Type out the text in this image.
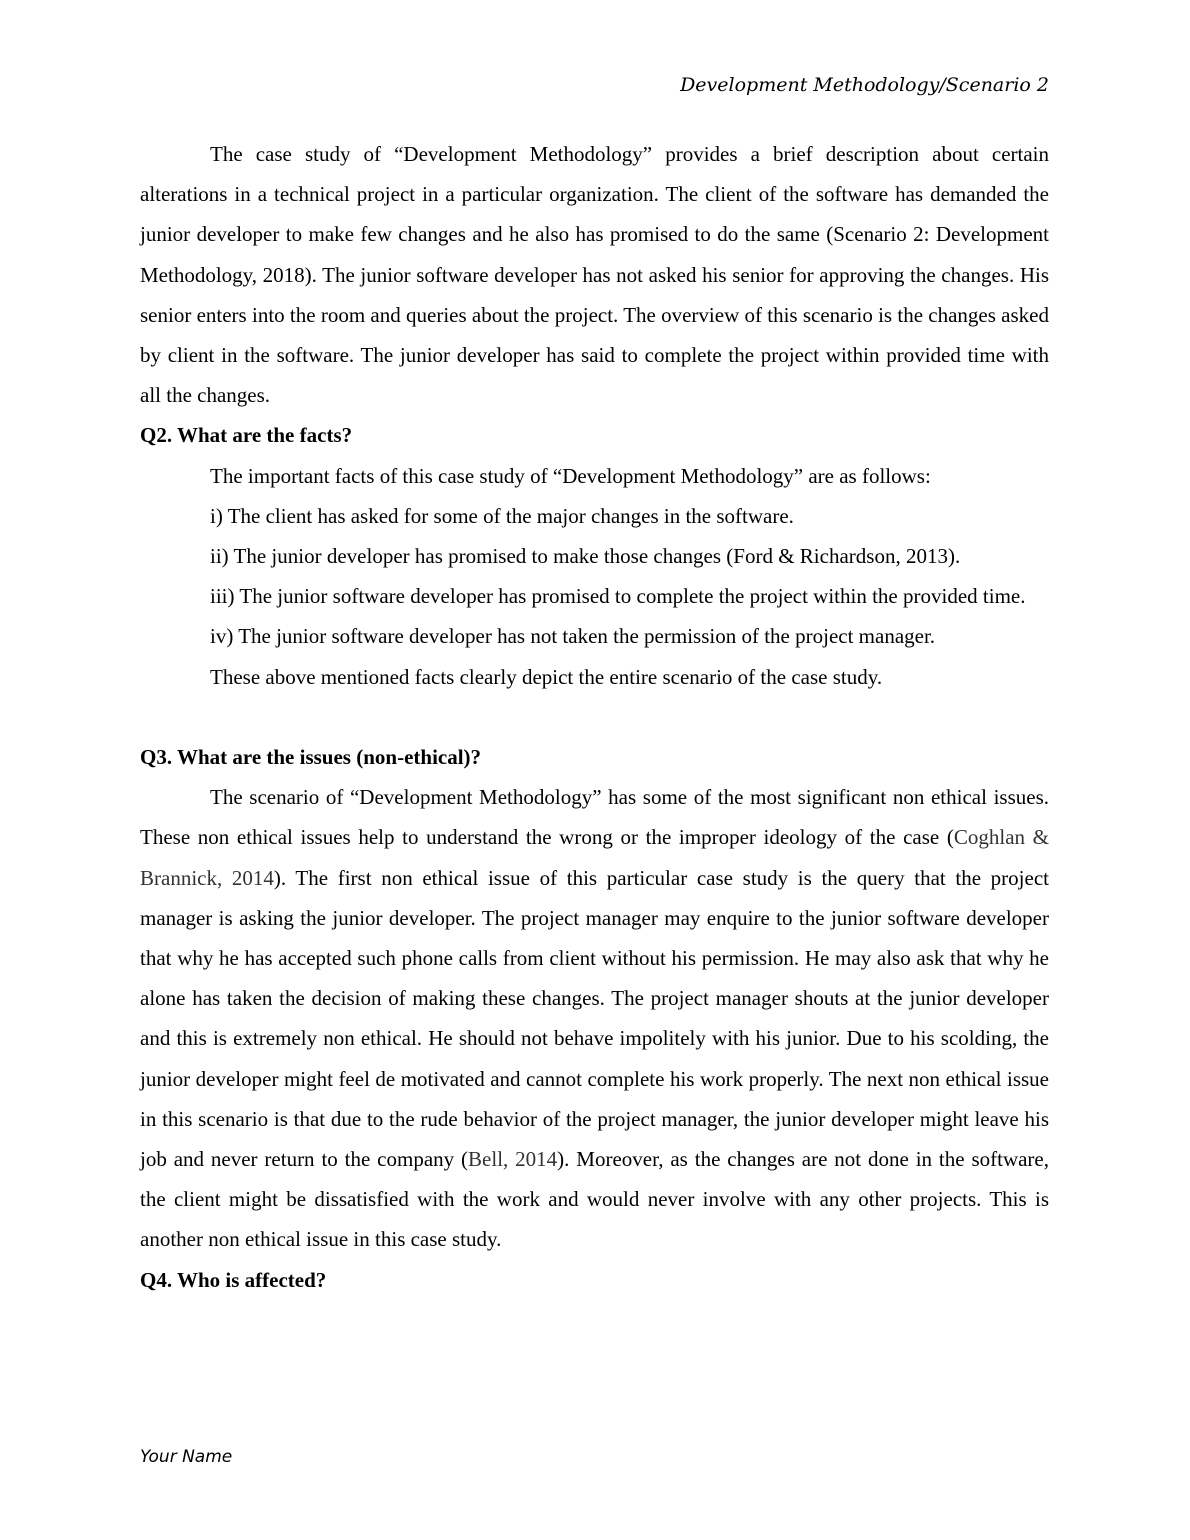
Development Methodology/Scenario 2

The case study of “Development Methodology” provides a brief description about certain alterations in a technical project in a particular organization. The client of the software has demanded the junior developer to make few changes and he also has promised to do the same (Scenario 2: Development Methodology, 2018). The junior software developer has not asked his senior for approving the changes. His senior enters into the room and queries about the project. The overview of this scenario is the changes asked by client in the software. The junior developer has said to complete the project within provided time with all the changes.

Q2. What are the facts?

The important facts of this case study of “Development Methodology” are as follows:

i) The client has asked for some of the major changes in the software.

ii) The junior developer has promised to make those changes (Ford & Richardson, 2013).

iii) The junior software developer has promised to complete the project within the provided time.

iv) The junior software developer has not taken the permission of the project manager.

These above mentioned facts clearly depict the entire scenario of the case study.

Q3. What are the issues (non-ethical)?

The scenario of “Development Methodology” has some of the most significant non ethical issues. These non ethical issues help to understand the wrong or the improper ideology of the case (Coghlan & Brannick, 2014). The first non ethical issue of this particular case study is the query that the project manager is asking the junior developer. The project manager may enquire to the junior software developer that why he has accepted such phone calls from client without his permission. He may also ask that why he alone has taken the decision of making these changes. The project manager shouts at the junior developer and this is extremely non ethical. He should not behave impolitely with his junior. Due to his scolding, the junior developer might feel de motivated and cannot complete his work properly. The next non ethical issue in this scenario is that due to the rude behavior of the project manager, the junior developer might leave his job and never return to the company (Bell, 2014). Moreover, as the changes are not done in the software, the client might be dissatisfied with the work and would never involve with any other projects. This is another non ethical issue in this case study.

Q4. Who is affected?

Your Name
